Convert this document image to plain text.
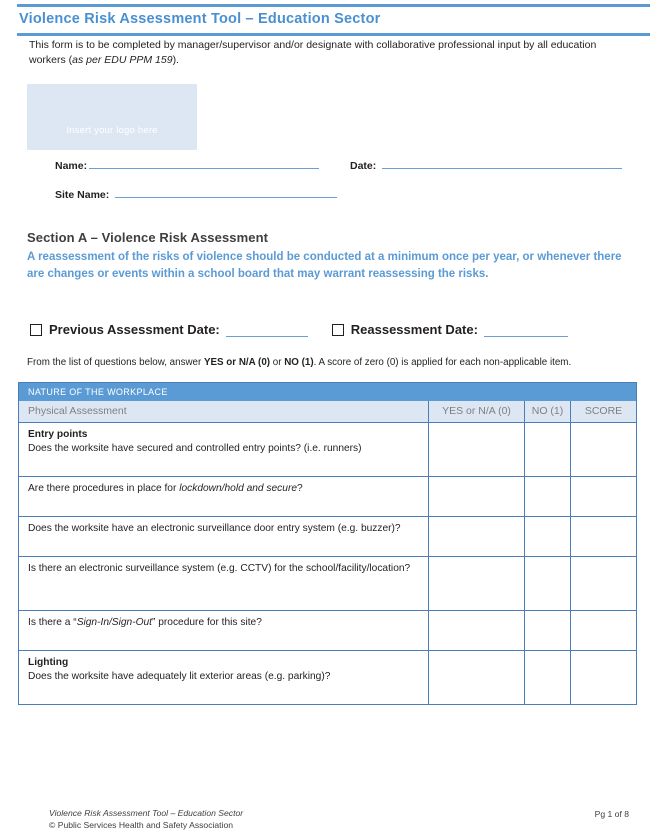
Violence Risk Assessment Tool – Education Sector
This form is to be completed by manager/supervisor and/or designate with collaborative professional input by all education workers (as per EDU PPM 159).
Insert your logo here
Name:	Date:
Site Name:
Section A – Violence Risk Assessment
A reassessment of the risks of violence should be conducted at a minimum once per year, or whenever there are changes or events within a school board that may warrant reassessing the risks.
Previous Assessment Date:	Reassessment Date:
From the list of questions below, answer YES or N/A (0) or NO (1). A score of zero (0) is applied for each non-applicable item.
NATURE OF THE WORKPLACE			
Physical Assessment	YES or N/A (0)	NO (1)	SCORE

Entry points
Does the worksite have secured and controlled entry points? (i.e. runners)			

Are there procedures in place for lockdown/hold and secure?			

Does the worksite have an electronic surveillance door entry system (e.g. buzzer)?			

Is there an electronic surveillance system (e.g. CCTV) for the school/facility/location?			

Is there a “Sign-In/Sign-Out” procedure for this site?			

Lighting
Does the worksite have adequately lit exterior areas (e.g. parking)?			

Violence Risk Assessment Tool – Education Sector
© Public Services Health and Safety Association
Pg 1 of 8
